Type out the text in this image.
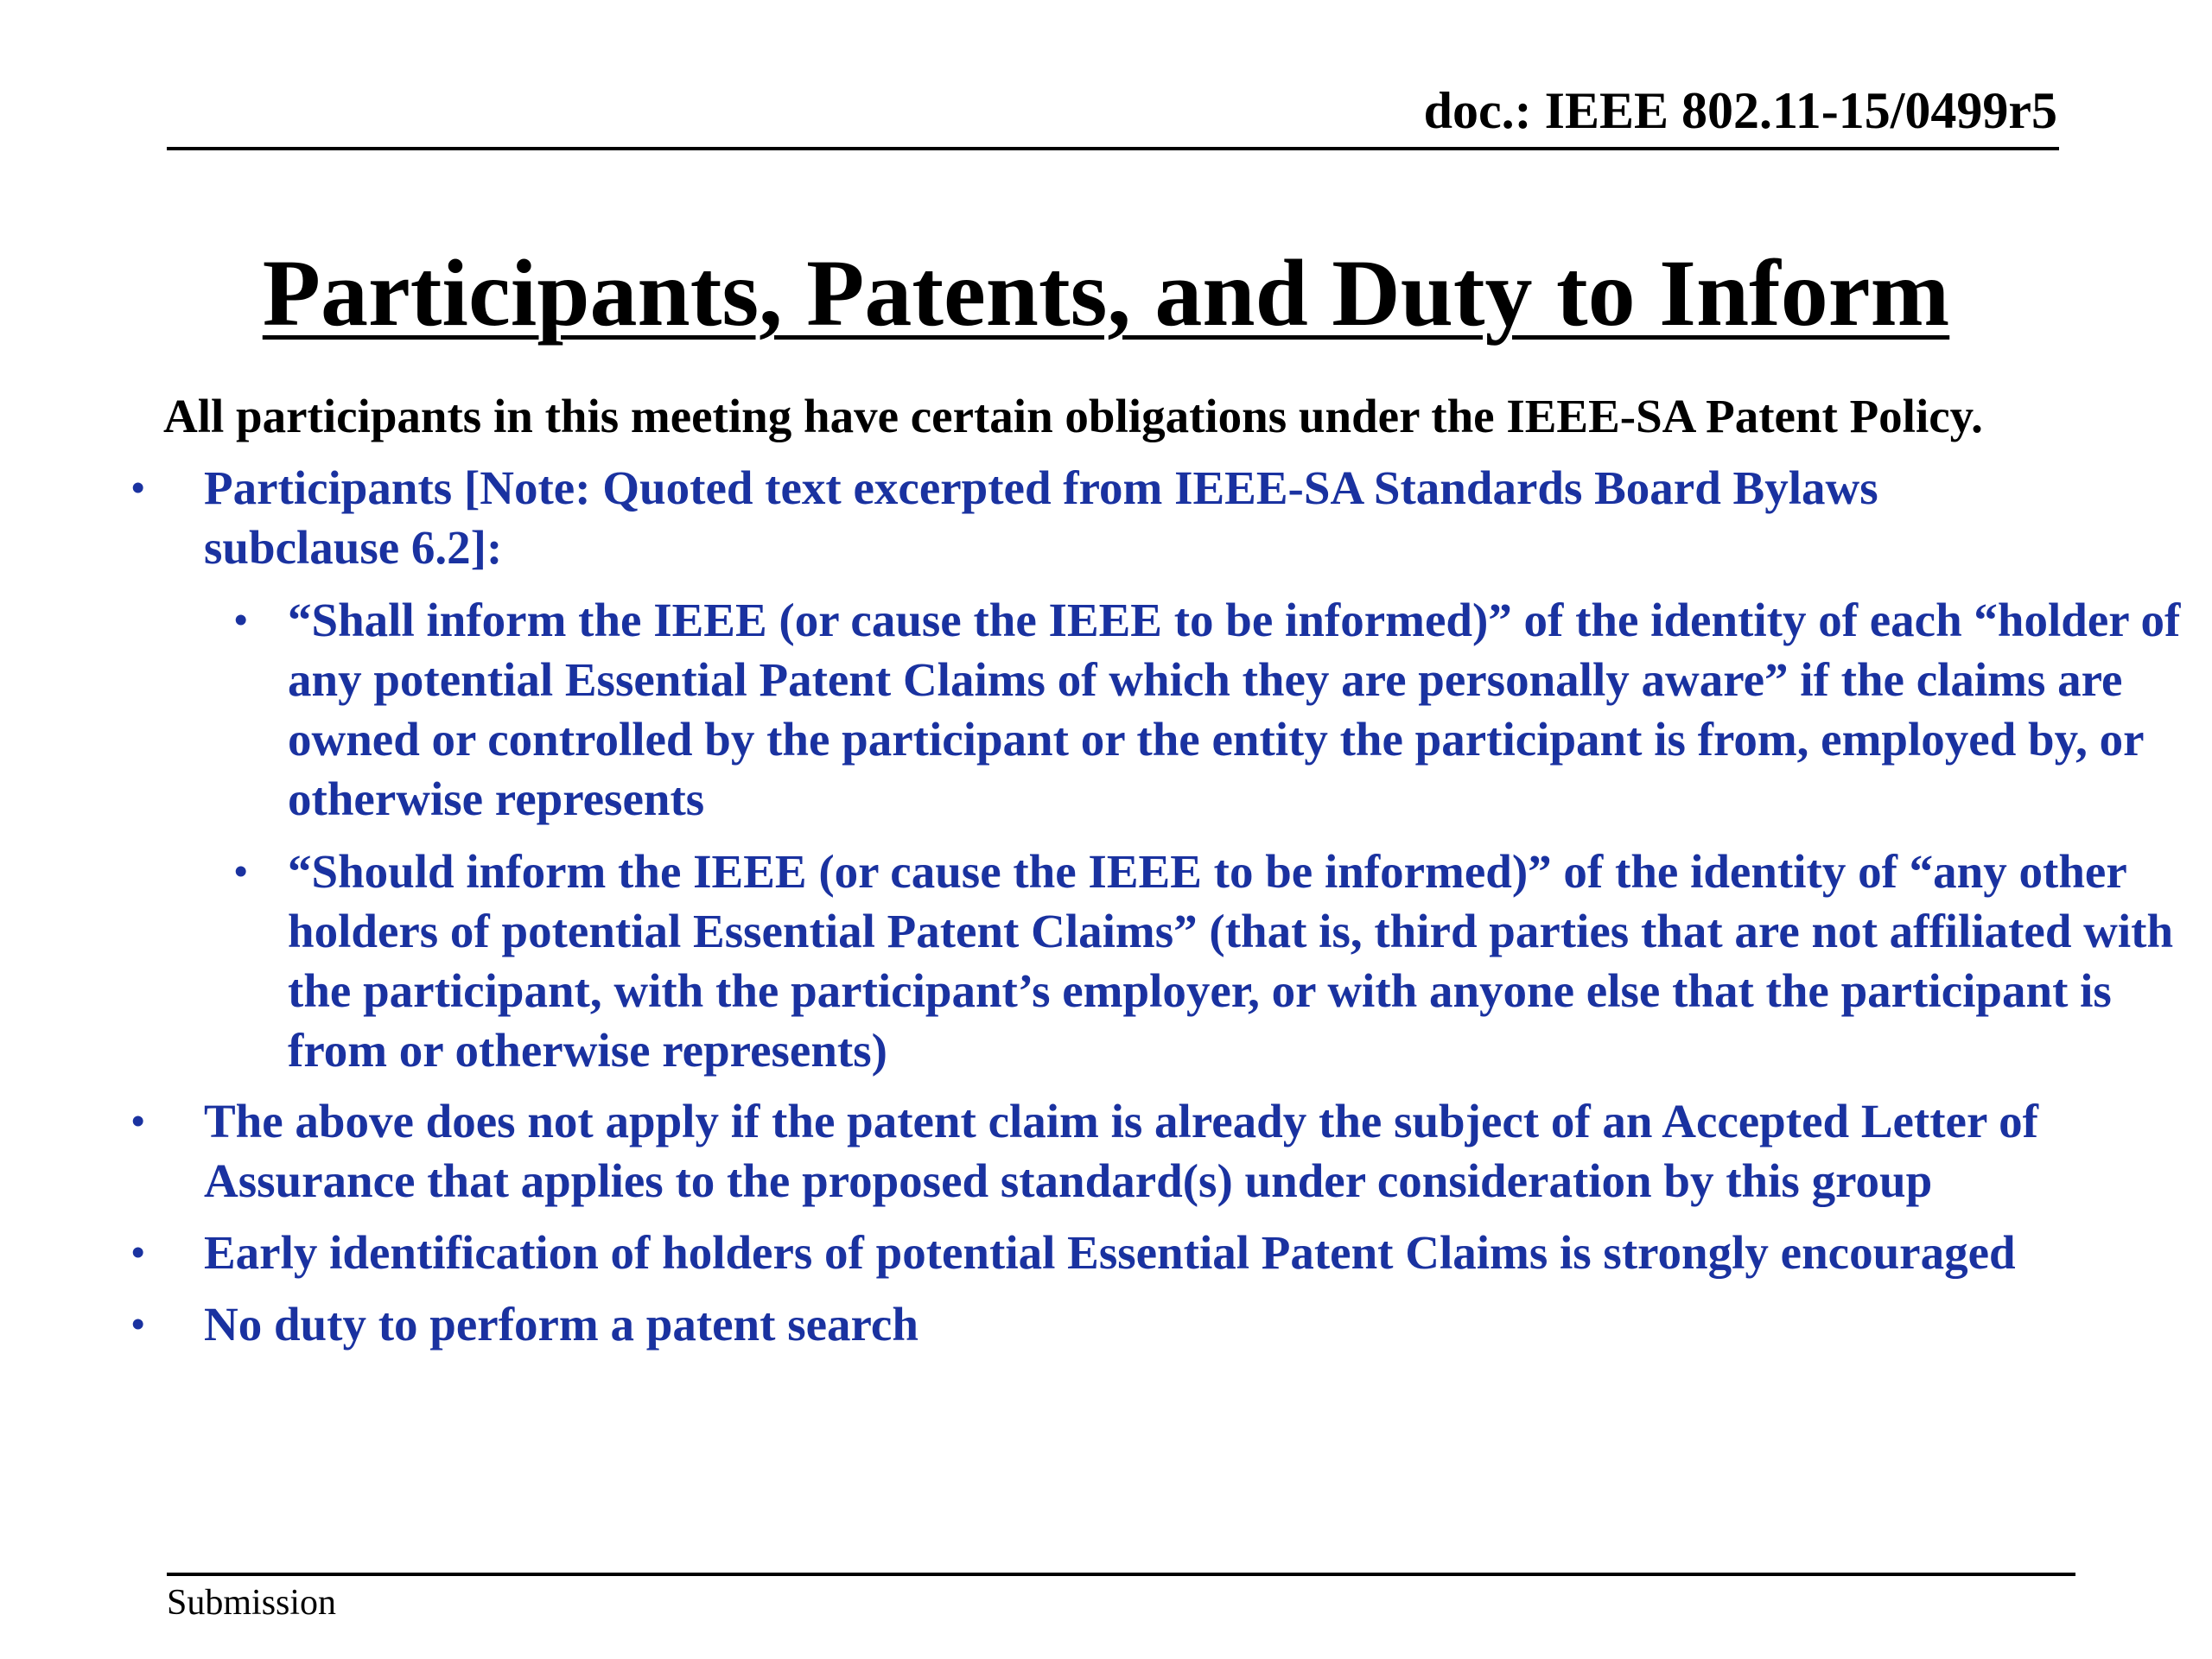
doc.: IEEE 802.11-15/0499r5
Participants, Patents, and Duty to Inform
All participants in this meeting have certain obligations under the IEEE-SA Patent Policy.
• Participants [Note: Quoted text excerpted from IEEE-SA Standards Board Bylaws subclause 6.2]:
• “Shall inform the IEEE (or cause the IEEE to be informed)” of the identity of each “holder of any potential Essential Patent Claims of which they are personally aware” if the claims are owned or controlled by the participant or the entity the participant is from, employed by, or otherwise represents
• “Should inform the IEEE (or cause the IEEE to be informed)” of the identity of “any other holders of potential Essential Patent Claims” (that is, third parties that are not affiliated with the participant, with the participant’s employer, or with anyone else that the participant is from or otherwise represents)
• The above does not apply if the patent claim is already the subject of an Accepted Letter of Assurance that applies to the proposed standard(s) under consideration by this group
• Early identification of holders of potential Essential Patent Claims is strongly encouraged
• No duty to perform a patent search
Submission
